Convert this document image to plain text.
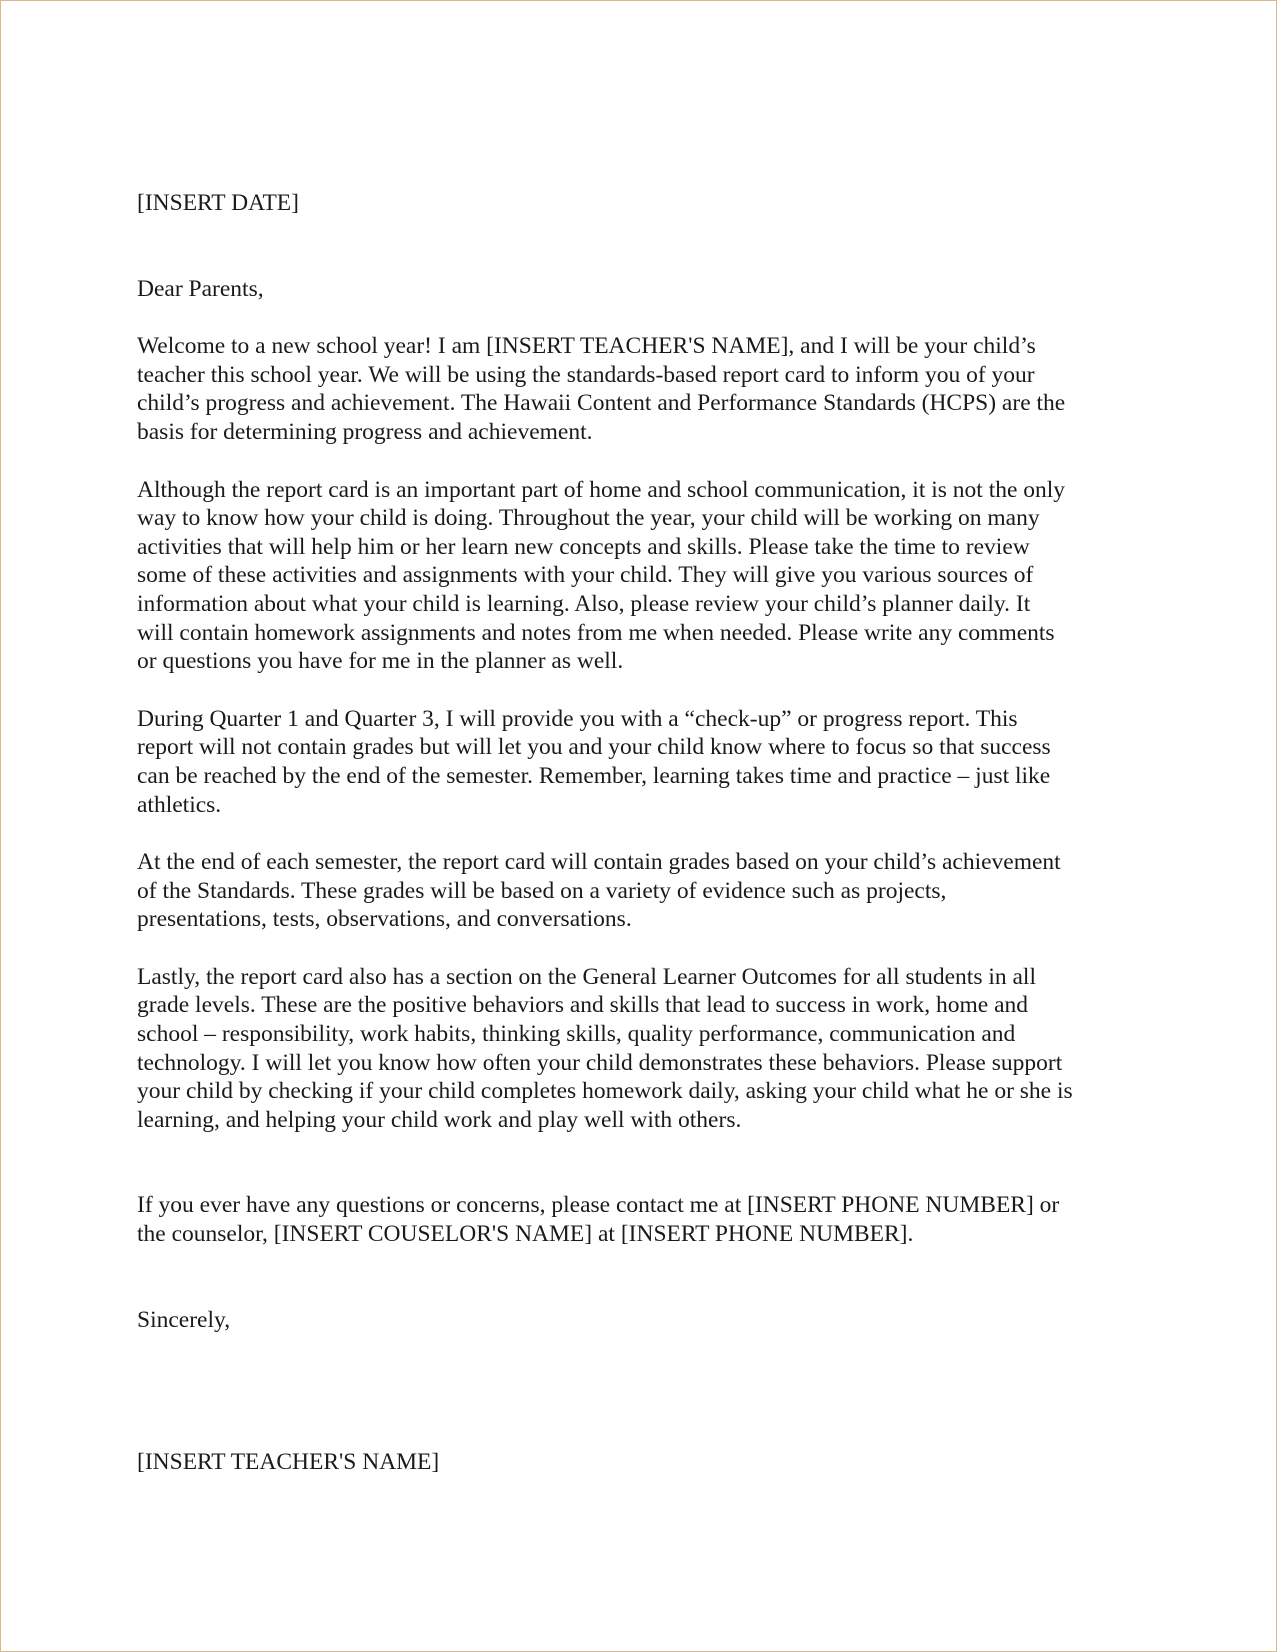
[INSERT DATE]

Dear Parents,

Welcome to a new school year! I am [INSERT TEACHER'S NAME], and I will be your child’s
teacher this school year. We will be using the standards-based report card to inform you of your
child’s progress and achievement. The Hawaii Content and Performance Standards (HCPS) are the
basis for determining progress and achievement.

Although the report card is an important part of home and school communication, it is not the only
way to know how your child is doing. Throughout the year, your child will be working on many
activities that will help him or her learn new concepts and skills. Please take the time to review
some of these activities and assignments with your child. They will give you various sources of
information about what your child is learning. Also, please review your child’s planner daily. It
will contain homework assignments and notes from me when needed. Please write any comments
or questions you have for me in the planner as well.

During Quarter 1 and Quarter 3, I will provide you with a “check-up” or progress report. This
report will not contain grades but will let you and your child know where to focus so that success
can be reached by the end of the semester. Remember, learning takes time and practice – just like
athletics.

At the end of each semester, the report card will contain grades based on your child’s achievement
of the Standards. These grades will be based on a variety of evidence such as projects,
presentations, tests, observations, and conversations.

Lastly, the report card also has a section on the General Learner Outcomes for all students in all
grade levels. These are the positive behaviors and skills that lead to success in work, home and
school – responsibility, work habits, thinking skills, quality performance, communication and
technology. I will let you know how often your child demonstrates these behaviors. Please support
your child by checking if your child completes homework daily, asking your child what he or she is
learning, and helping your child work and play well with others.

If you ever have any questions or concerns, please contact me at [INSERT PHONE NUMBER] or
the counselor, [INSERT COUSELOR'S NAME] at [INSERT PHONE NUMBER].

Sincerely,

[INSERT TEACHER'S NAME]
